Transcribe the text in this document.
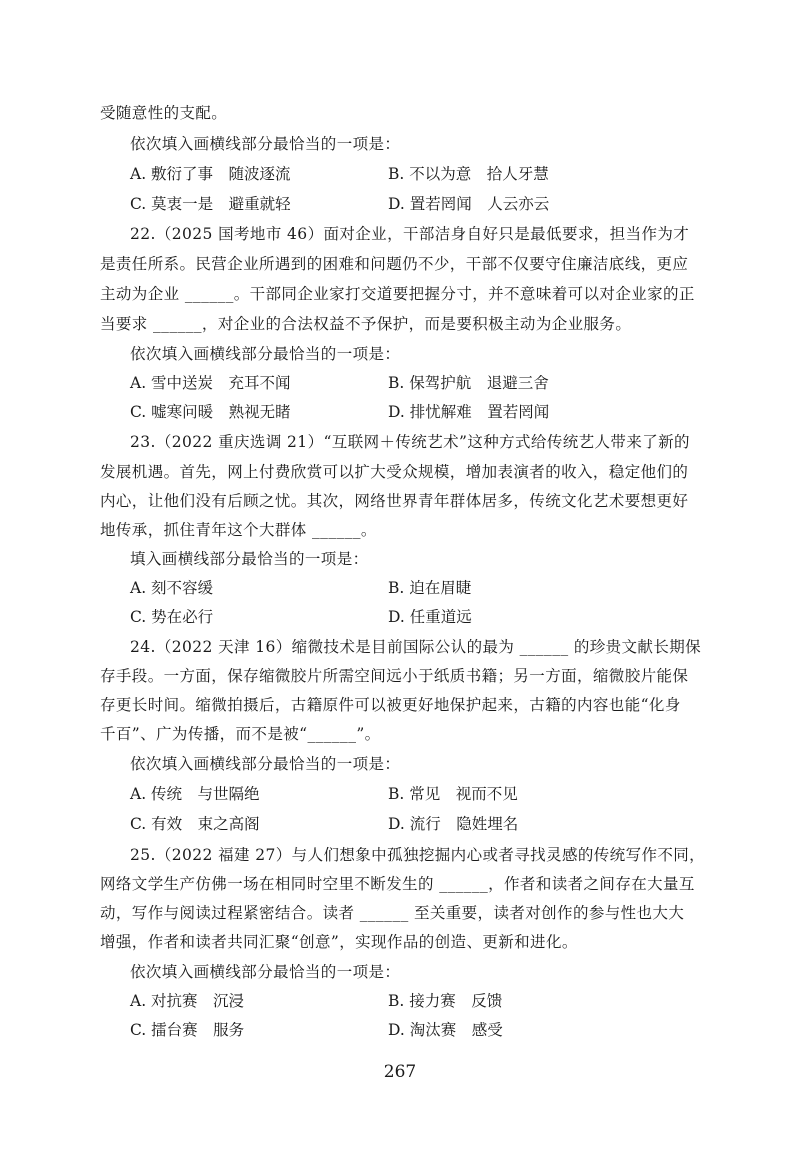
受随意性的支配。
依次填入画横线部分最恰当的一项是：
A. 敷衍了事　随波逐流	B. 不以为意　拾人牙慧
C. 莫衷一是　避重就轻	D. 置若罔闻　人云亦云
22.（2025 国考地市 46）面对企业，干部洁身自好只是最低要求，担当作为才
是责任所系。民营企业所遇到的困难和问题仍不少，干部不仅要守住廉洁底线，更应
主动为企业 ______。干部同企业家打交道要把握分寸，并不意味着可以对企业家的正
当要求 ______，对企业的合法权益不予保护，而是要积极主动为企业服务。
依次填入画横线部分最恰当的一项是：
A. 雪中送炭　充耳不闻	B. 保驾护航　退避三舍
C. 嘘寒问暖　熟视无睹	D. 排忧解难　置若罔闻
23.（2022 重庆选调 21）“互联网＋传统艺术”这种方式给传统艺人带来了新的
发展机遇。首先，网上付费欣赏可以扩大受众规模，增加表演者的收入，稳定他们的
内心，让他们没有后顾之忧。其次，网络世界青年群体居多，传统文化艺术要想更好
地传承，抓住青年这个大群体 ______。
填入画横线部分最恰当的一项是：
A. 刻不容缓	B. 迫在眉睫
C. 势在必行	D. 任重道远
24.（2022 天津 16）缩微技术是目前国际公认的最为 ______ 的珍贵文献长期保
存手段。一方面，保存缩微胶片所需空间远小于纸质书籍；另一方面，缩微胶片能保
存更长时间。缩微拍摄后，古籍原件可以被更好地保护起来，古籍的内容也能“化身
千百”、广为传播，而不是被“______”。
依次填入画横线部分最恰当的一项是：
A. 传统　与世隔绝	B. 常见　视而不见
C. 有效　束之高阁	D. 流行　隐姓埋名
25.（2022 福建 27）与人们想象中孤独挖掘内心或者寻找灵感的传统写作不同，
网络文学生产仿佛一场在相同时空里不断发生的 ______，作者和读者之间存在大量互
动，写作与阅读过程紧密结合。读者 ______ 至关重要，读者对创作的参与性也大大
增强，作者和读者共同汇聚“创意”，实现作品的创造、更新和进化。
依次填入画横线部分最恰当的一项是：
A. 对抗赛　沉浸	B. 接力赛　反馈
C. 擂台赛　服务	D. 淘汰赛　感受
267
